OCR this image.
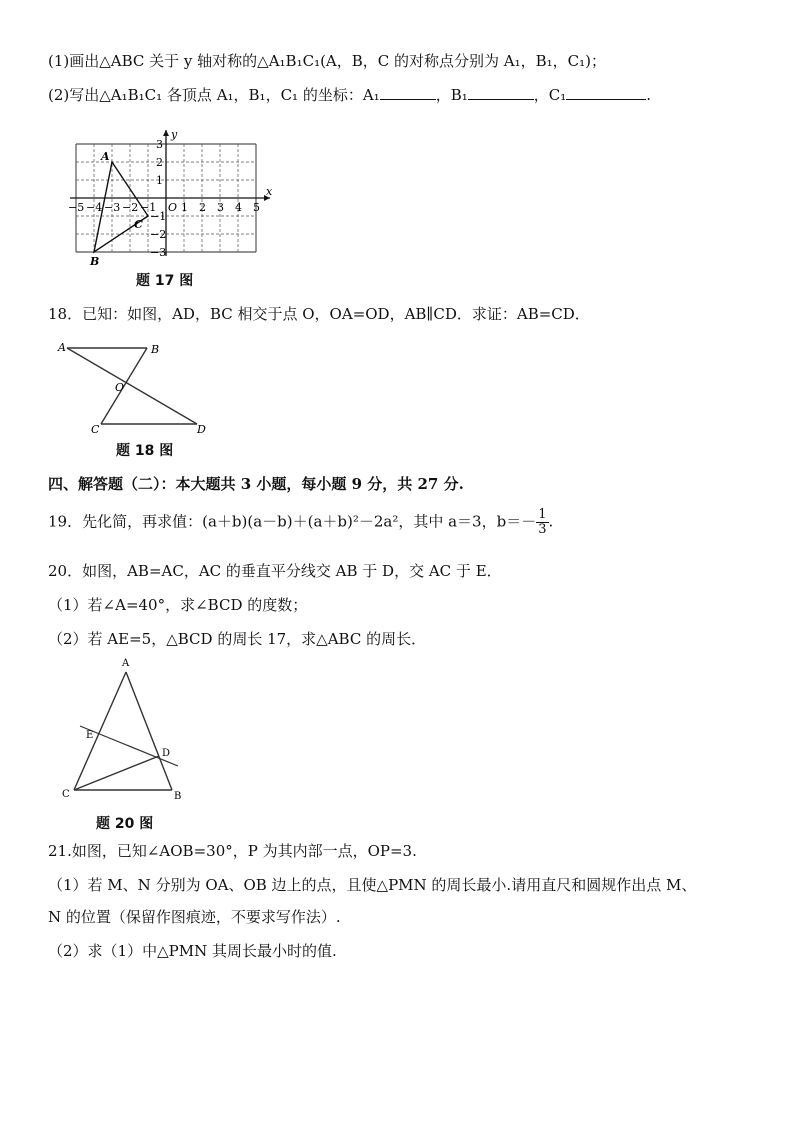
(1)画出△ABC 关于 y 轴对称的△A₁B₁C₁(A，B，C 的对称点分别为 A₁，B₁，C₁)；
(2)写出△A₁B₁C₁ 各顶点 A₁，B₁，C₁ 的坐标：A₁	，B₁	，C₁	.
x
y
O
−5 −4 −3 −2 −1 1 2 3 4 5
3
2
1
−1
−2
−3
A
B
C
题 17 图
18．已知：如图，AD，BC 相交于点 O，OA=OD，AB∥CD．求证：AB=CD．
A	B
O
C	D
题 18 图
四、解答题（二）：本大题共 3 小题，每小题 9 分，共 27 分.
19．先化简，再求值：(a＋b)(a－b)＋(a＋b)²－2a²，其中 a＝3，$b=- \frac{1}{3}$ .
20．如图，AB=AC，AC 的垂直平分线交 AB 于 D，交 AC 于 E．
（1）若∠A=40°，求∠BCD 的度数；
（2）若 AE=5，△BCD 的周长 17，求△ABC 的周长．
A
E
D
C	B
题 20 图
21.如图，已知∠AOB=30°，P 为其内部一点，OP=3.
（1）若 M、N 分别为 OA、OB 边上的点，且使△PMN 的周长最小.请用直尺和圆规作出点 M、
N 的位置（保留作图痕迹，不要求写作法）.
（2）求（1）中△PMN 其周长最小时的值.
